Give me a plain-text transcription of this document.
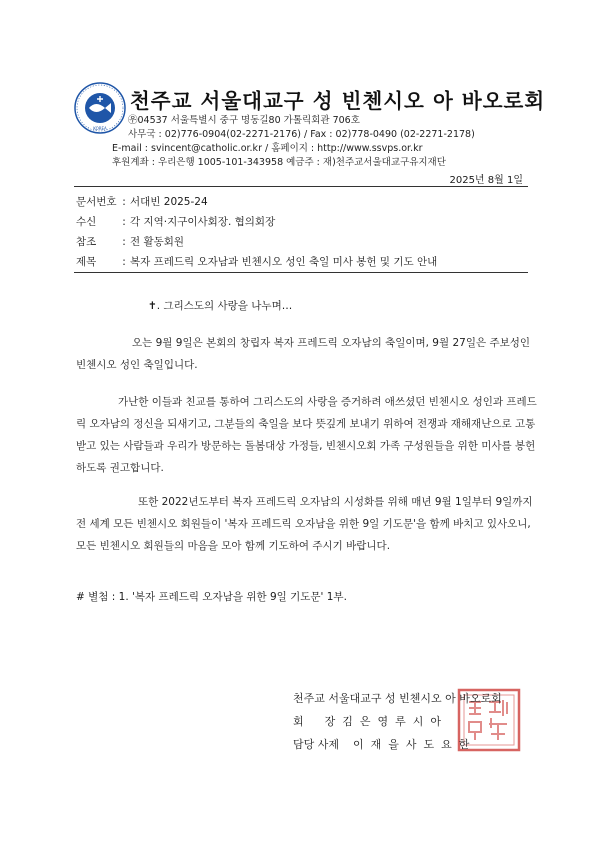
KOREA
천주교 서울대교구 성 빈첸시오 아 바오로회
㉾04537 서울특별시 중구 명동길80 가톨릭회관 706호
사무국 : 02)776-0904(02-2271-2176) / Fax : 02)778-0490 (02-2271-2178)
E-mail : svincent@catholic.or.kr / 홈페이지 : http://www.ssvps.or.kr
후원계좌 : 우리은행 1005-101-343958 예금주 : 재)천주교서울대교구유지재단
2025년 8월 1일
문서번호 : 서대빈 2025-24
수신 : 각 지역·지구이사회장. 협의회장
참조 : 전 활동회원
제목 : 복자 프레드릭 오자남과 빈첸시오 성인 축일 미사 봉헌 및 기도 안내
✝. 그리스도의 사랑을 나누며…
오는 9월 9일은 본회의 창립자 복자 프레드릭 오자남의 축일이며, 9월 27일은 주보성인 빈첸시오 성인 축일입니다.
가난한 이들과 친교를 통하여 그리스도의 사랑을 증거하려 애쓰셨던 빈첸시오 성인과 프레드릭 오자남의 정신을 되새기고, 그분들의 축일을 보다 뜻깊게 보내기 위하여 전쟁과 재해재난으로 고통받고 있는 사람들과 우리가 방문하는 돌봄대상 가정들, 빈첸시오회 가족 구성원들을 위한 미사를 봉헌하도록 권고합니다.
또한 2022년도부터 복자 프레드릭 오자남의 시성화를 위해 매년 9월 1일부터 9일까지 전 세계 모든 빈첸시오 회원들이 '복자 프레드릭 오자남을 위한 9일 기도문'을 함께 바치고 있사오니, 모든 빈첸시오 회원들의 마음을 모아 함께 기도하여 주시기 바랍니다.
# 별첨 : 1. '복자 프레드릭 오자남을 위한 9일 기도문' 1부.
천주교 서울대교구 성 빈첸시오 아 바오로회
회      장  김  은  영  루  시  아
담당 사제    이  재  을  사  도  요  한
